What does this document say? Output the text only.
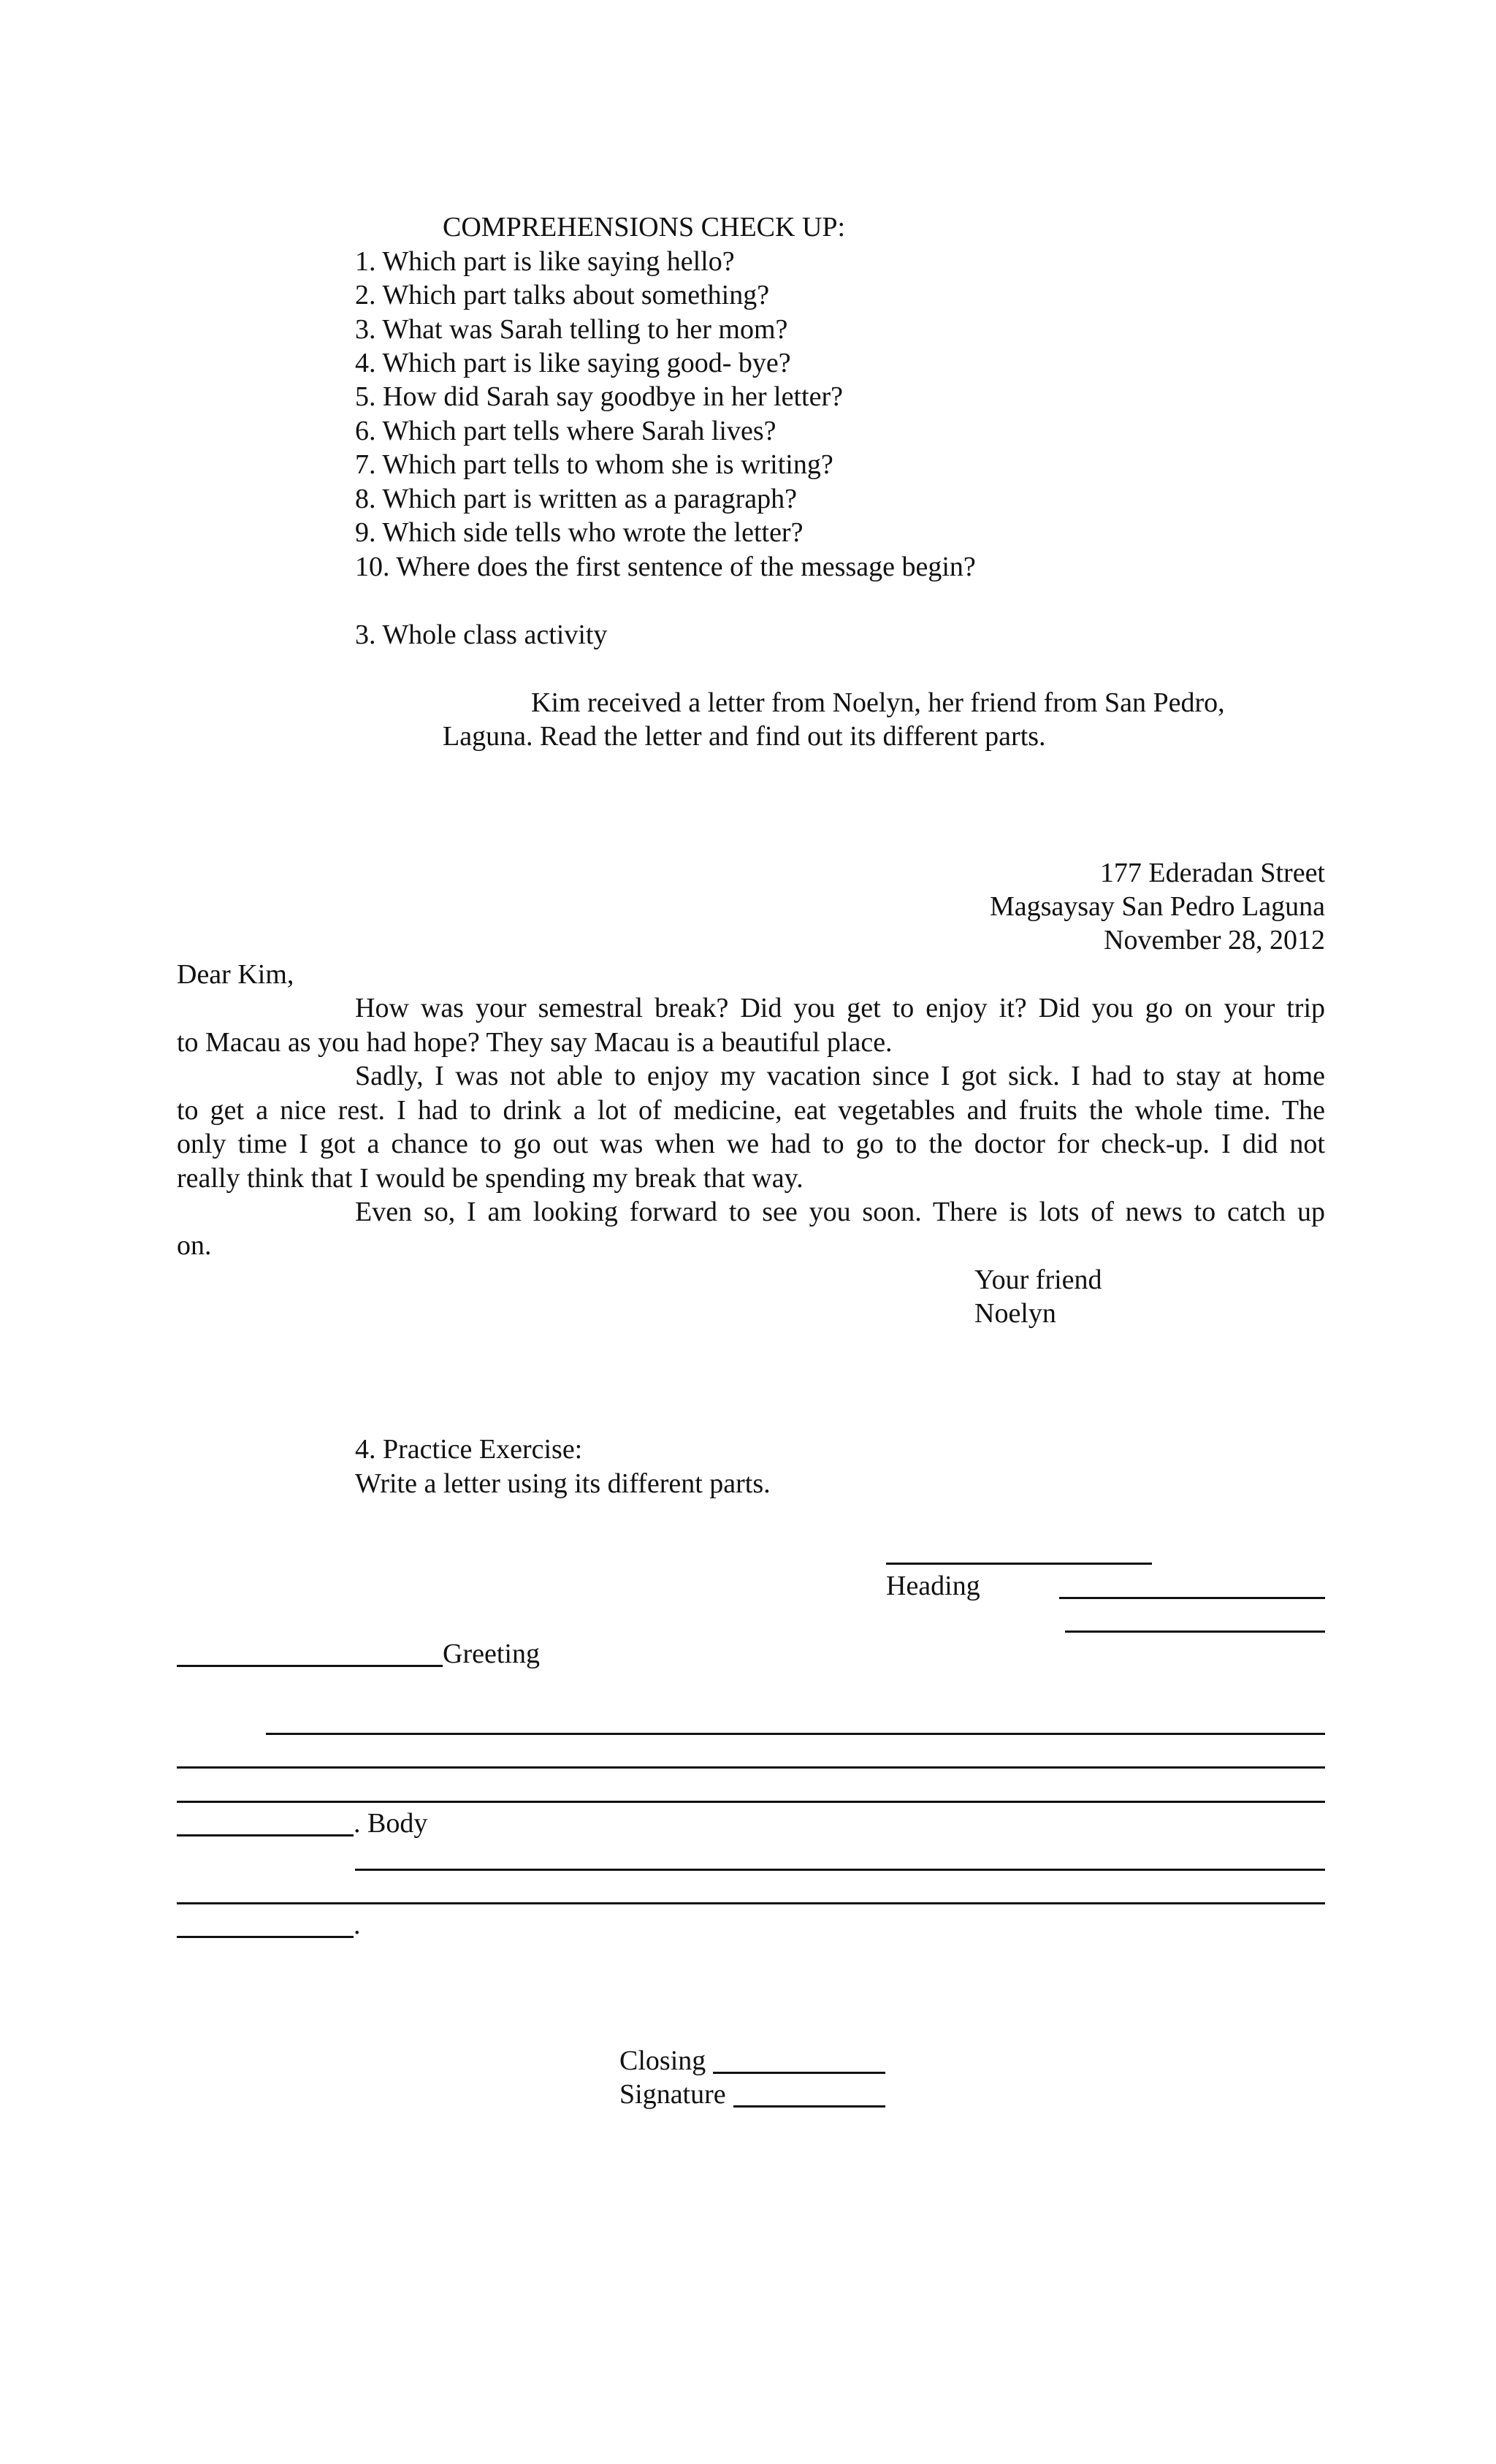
COMPREHENSIONS CHECK UP:
1. Which part is like saying hello?
2. Which part talks about something?
3. What was Sarah telling to her mom?
4. Which part is like saying good- bye?
5. How did Sarah say goodbye in her letter?
6. Which part tells where Sarah lives?
7. Which part tells to whom she is writing?
8. Which part is written as a paragraph?
9. Which side tells who wrote the letter?
10. Where does the first sentence of the message begin?
3. Whole class activity
Kim received a letter from Noelyn, her friend from San Pedro,
Laguna. Read the letter and find out its different parts.
177 Ederadan Street
Magsaysay San Pedro Laguna
November 28, 2012
Dear Kim,
How was your semestral break? Did you get to enjoy it? Did you go on your trip
to Macau as you had hope? They say Macau is a beautiful place.
Sadly, I was not able to enjoy my vacation since I got sick. I had to stay at home
to get a nice rest. I had to drink a lot of medicine, eat vegetables and fruits the whole time. The
only time I got a chance to go out was when we had to go to the doctor for check-up. I did not
really think that I would be spending my break that way.
Even so, I am looking forward to see you soon. There is lots of news to catch up
on.
Your friend
Noelyn
4. Practice Exercise:
Write a letter using its different parts.
Heading
Greeting
. Body
.
Closing
Signature
